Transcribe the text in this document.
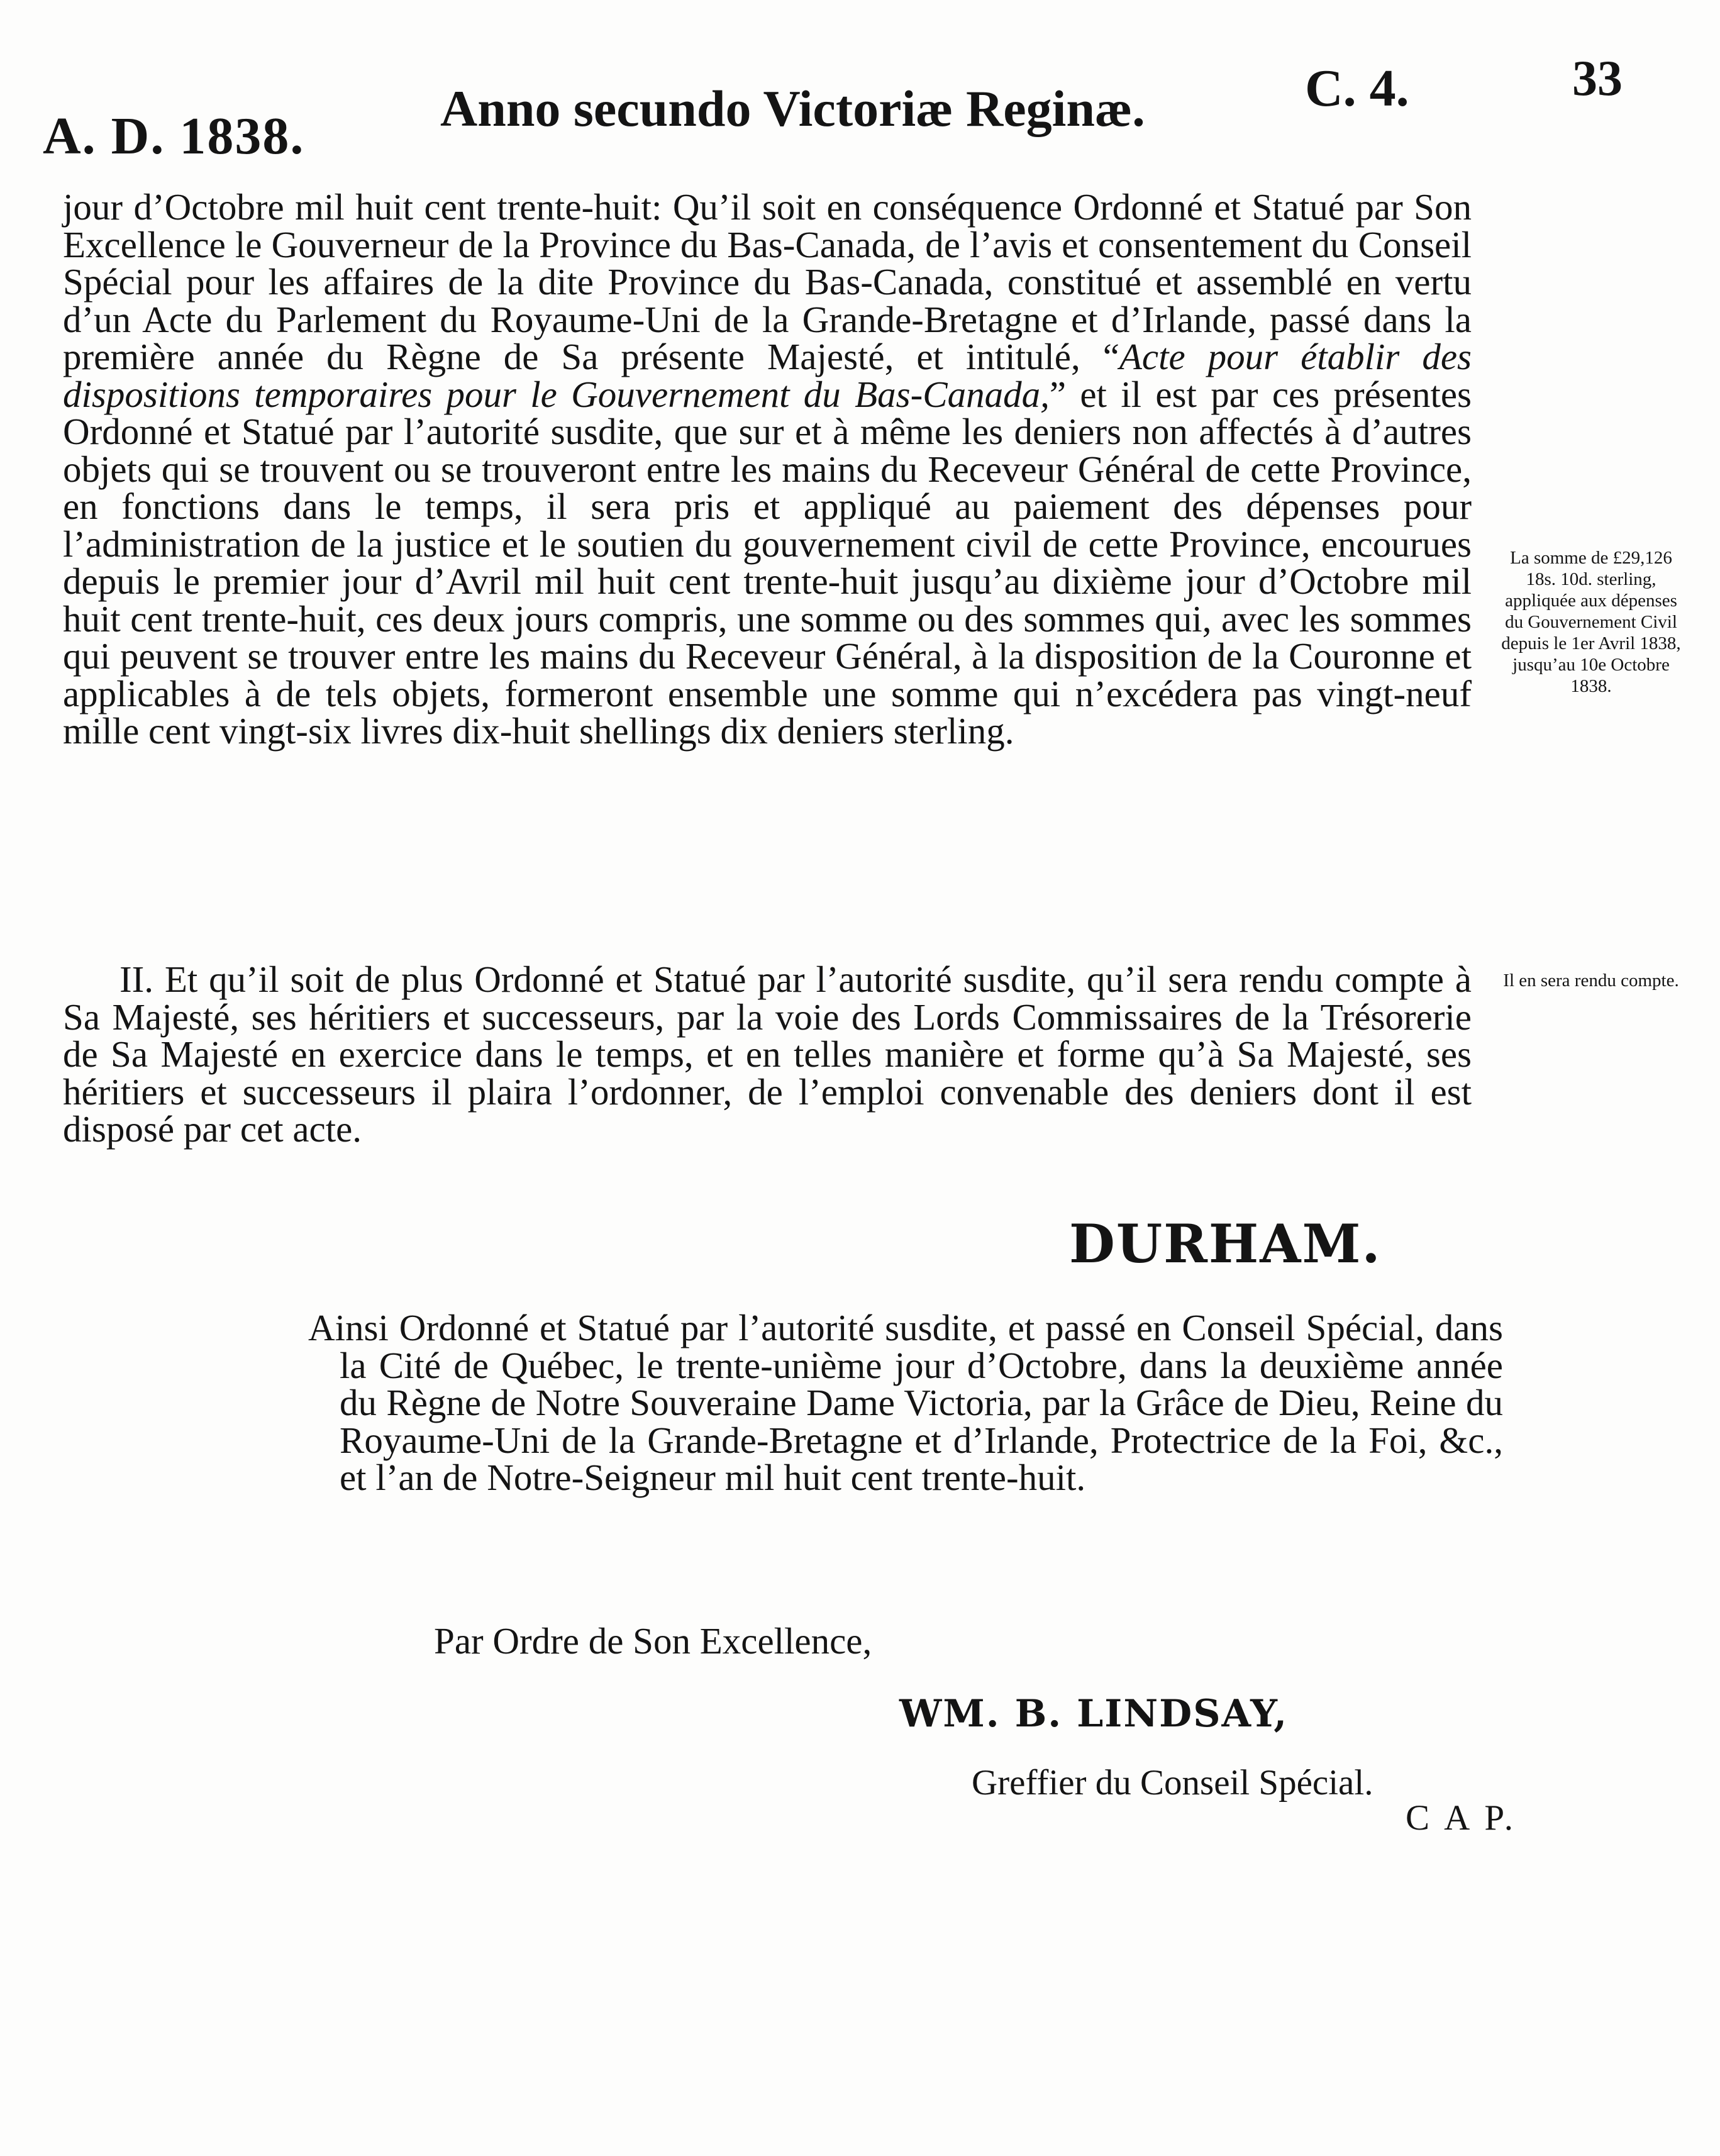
A. D. 1838.	Anno secundo Victoriæ Reginæ.	C. 4.	33

jour d’Octobre mil huit cent trente-huit: Qu’il soit en conséquence Ordonné et Statué par Son Excellence le Gouverneur de la Province du Bas-Canada, de l’avis et consentement du Conseil Spécial pour les affaires de la dite Province du Bas-Canada, constitué et assemblé en vertu d’un Acte du Parlement du Royaume-Uni de la Grande-Bretagne et d’Irlande, passé dans la première année du Règne de Sa présente Majesté, et intitulé, “Acte pour établir des dispositions temporaires pour le Gouvernement du Bas-Canada,” et il est par ces présentes Ordonné et Statué par l’autorité susdite, que sur et à même les deniers non affectés à d’autres objets qui se trouvent ou se trouveront entre les mains du Receveur Général de cette Province, en fonctions dans le temps, il sera pris et appliqué au paiement des dépenses pour l’administration de la justice et le soutien du gouvernement civil de cette Province, encourues depuis le premier jour d’Avril mil huit cent trente-huit jusqu’au dixième jour d’Octobre mil huit cent trente-huit, ces deux jours compris, une somme ou des sommes qui, avec les sommes qui peuvent se trouver entre les mains du Receveur Général, à la disposition de la Couronne et applicables à de tels objets, formeront ensemble une somme qui n’excédera pas vingt-neuf mille cent vingt-six livres dix-huit shellings dix deniers sterling.

La somme de £29,126 18s. 10d. sterling, appliquée aux dépenses du Gouvernement Civil depuis le 1er Avril 1838, jusqu’au 10e Octobre 1838.

II. Et qu’il soit de plus Ordonné et Statué par l’autorité susdite, qu’il sera rendu compte à Sa Majesté, ses héritiers et successeurs, par la voie des Lords Commissaires de la Trésorerie de Sa Majesté en exercice dans le temps, et en telles manière et forme qu’à Sa Majesté, ses héritiers et successeurs il plaira l’ordonner, de l’emploi convenable des deniers dont il est disposé par cet acte.

Il en sera rendu compte.

DURHAM.

Ainsi Ordonné et Statué par l’autorité susdite, et passé en Conseil Spécial, dans la Cité de Québec, le trente-unième jour d’Octobre, dans la deuxième année du Règne de Notre Souveraine Dame Victoria, par la Grâce de Dieu, Reine du Royaume-Uni de la Grande-Bretagne et d’Irlande, Protectrice de la Foi, &c., et l’an de Notre-Seigneur mil huit cent trente-huit.

Par Ordre de Son Excellence,
WM. B. LINDSAY,
Greffier du Conseil Spécial.
C A P.
